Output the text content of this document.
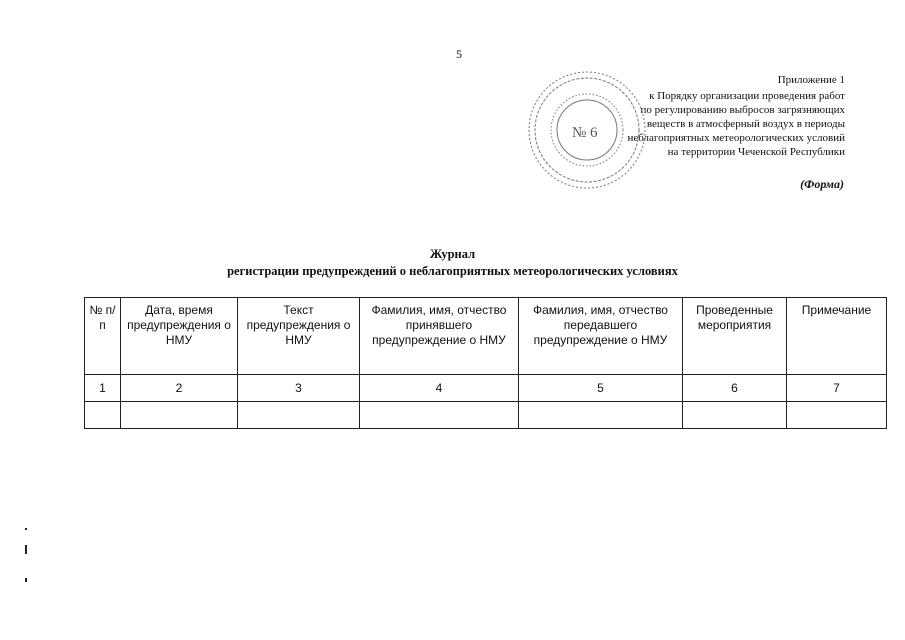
5
№ 6
Приложение 1
к Порядку организации проведения работ
по регулированию выбросов загрязняющих
веществ в атмосферный воздух в периоды
неблагоприятных метеорологических условий
на территории Чеченской Республики
(Форма)
Журнал
регистрации предупреждений о неблагоприятных метеорологических условиях
№ п/п	Дата, время предупреждения о НМУ	Текст предупреждения о НМУ	Фамилия, имя, отчество принявшего предупреждение о НМУ	Фамилия, имя, отчество передавшего предупреждение о НМУ	Проведенные мероприятия	Примечание
1	2	3	4	5	6	7
